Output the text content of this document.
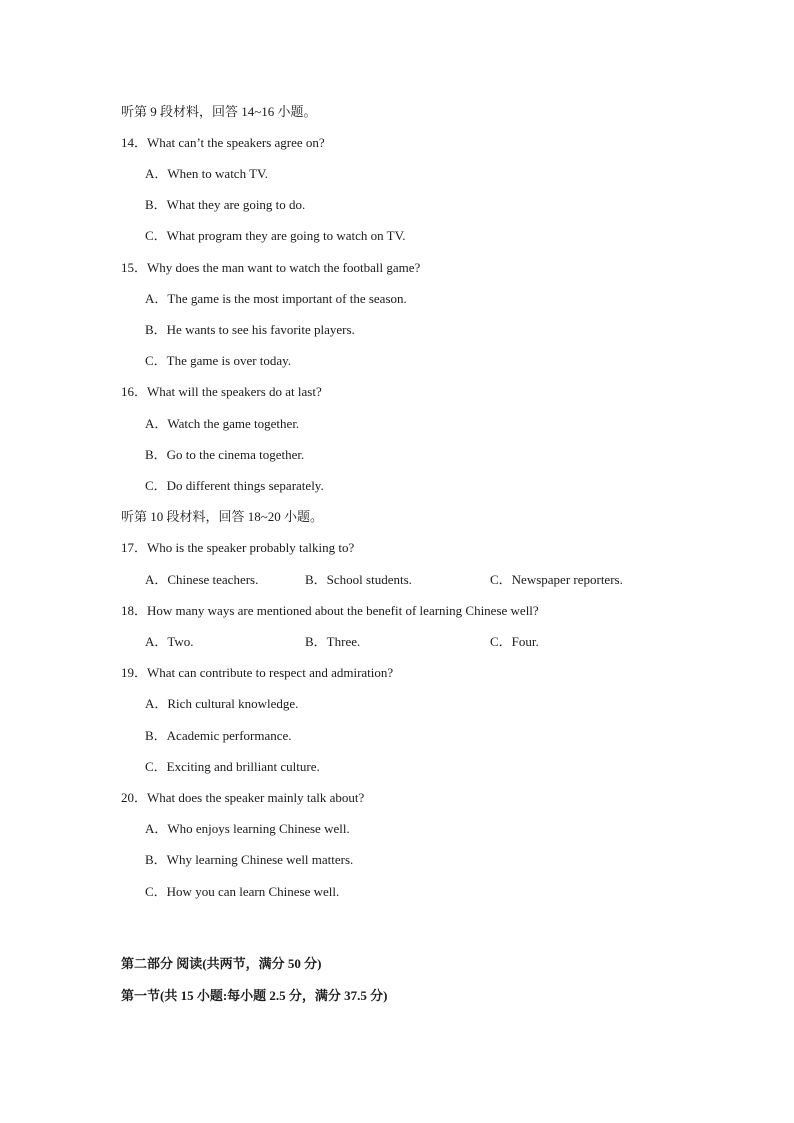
听第 9 段材料，回答 14~16 小题。
14．What can’t the speakers agree on?
A．When to watch TV.
B．What they are going to do.
C．What program they are going to watch on TV.
15．Why does the man want to watch the football game?
A．The game is the most important of the season.
B．He wants to see his favorite players.
C．The game is over today.
16．What will the speakers do at last?
A．Watch the game together.
B．Go to the cinema together.
C．Do different things separately.
听第 10 段材料，回答 18~20 小题。
17．Who is the speaker probably talking to?
A．Chinese teachers.	B．School students.	C．Newspaper reporters.
18．How many ways are mentioned about the benefit of learning Chinese well?
A．Two.	B．Three.	C．Four.
19．What can contribute to respect and admiration?
A．Rich cultural knowledge.
B．Academic performance.
C．Exciting and brilliant culture.
20．What does the speaker mainly talk about?
A．Who enjoys learning Chinese well.
B．Why learning Chinese well matters.
C．How you can learn Chinese well.
第二部分 阅读(共两节，满分 50 分)
第一节(共 15 小题:每小题 2.5 分，满分 37.5 分)
